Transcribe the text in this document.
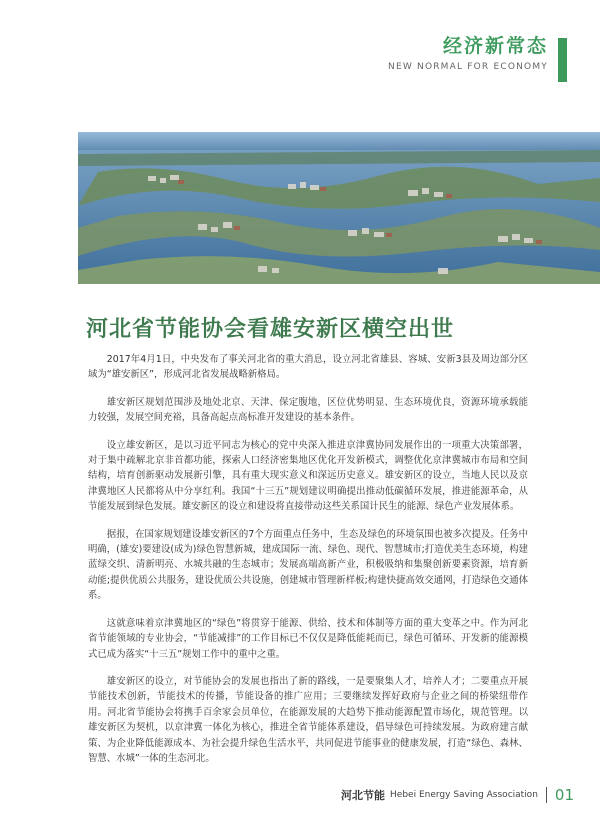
经济新常态
NEW NORMAL FOR ECONOMY
河北省节能协会看雄安新区横空出世

2017年4月1日，中央发布了事关河北省的重大消息，设立河北省雄县、容城、安新3县及周边部分区域为“雄安新区”，形成河北省发展战略新格局。

雄安新区规划范围涉及地处北京、天津、保定腹地，区位优势明显、生态环境优良，资源环境承载能力较强，发展空间充裕，具备高起点高标准开发建设的基本条件。

设立雄安新区，是以习近平同志为核心的党中央深入推进京津冀协同发展作出的一项重大决策部署，对于集中疏解北京非首都功能，探索人口经济密集地区优化开发新模式，调整优化京津冀城市布局和空间结构，培育创新驱动发展新引擎，具有重大现实意义和深远历史意义。雄安新区的设立，当地人民以及京津冀地区人民都将从中分享红利。我国“十三五”规划建议明确提出推动低碳循环发展，推进能源革命，从节能发展到绿色发展。雄安新区的设立和建设将直接带动这些关系国计民生的能源、绿色产业发展体系。

据报，在国家规划建设雄安新区的7个方面重点任务中，生态及绿色的环境氛围也被多次提及。任务中明确，(雄安)要建设(成为)绿色智慧新城，建成国际一流、绿色、现代、智慧城市;打造优美生态环境，构建蓝绿交织、清新明亮、水城共融的生态城市；发展高端高新产业，积极吸纳和集聚创新要素资源，培育新动能;提供优质公共服务，建设优质公共设施，创建城市管理新样板;构建快捷高效交通网，打造绿色交通体系。

这就意味着京津冀地区的“绿色”将贯穿于能源、供给、技术和体制等方面的重大变革之中。作为河北省节能领域的专业协会，“节能减排”的工作目标已不仅仅是降低能耗而已，绿色可循环、开发新的能源模式已成为落实“十三五”规划工作中的重中之重。

雄安新区的设立，对节能协会的发展也指出了新的路线，一是要聚集人才，培养人才；二要重点开展节能技术创新，节能技术的传播，节能设备的推广应用；三要继续发挥好政府与企业之间的桥梁纽带作用。河北省节能协会将携手百余家会员单位，在能源发展的大趋势下推动能源配置市场化，规范管理。以雄安新区为契机，以京津冀一体化为核心，推进全省节能体系建设，倡导绿色可持续发展。为政府建言献策、为企业降低能源成本、为社会提升绿色生活水平，共同促进节能事业的健康发展，打造“绿色、森林、智慧、水城”一体的生态河北。

河北节能 Hebei Energy Saving Association 01
